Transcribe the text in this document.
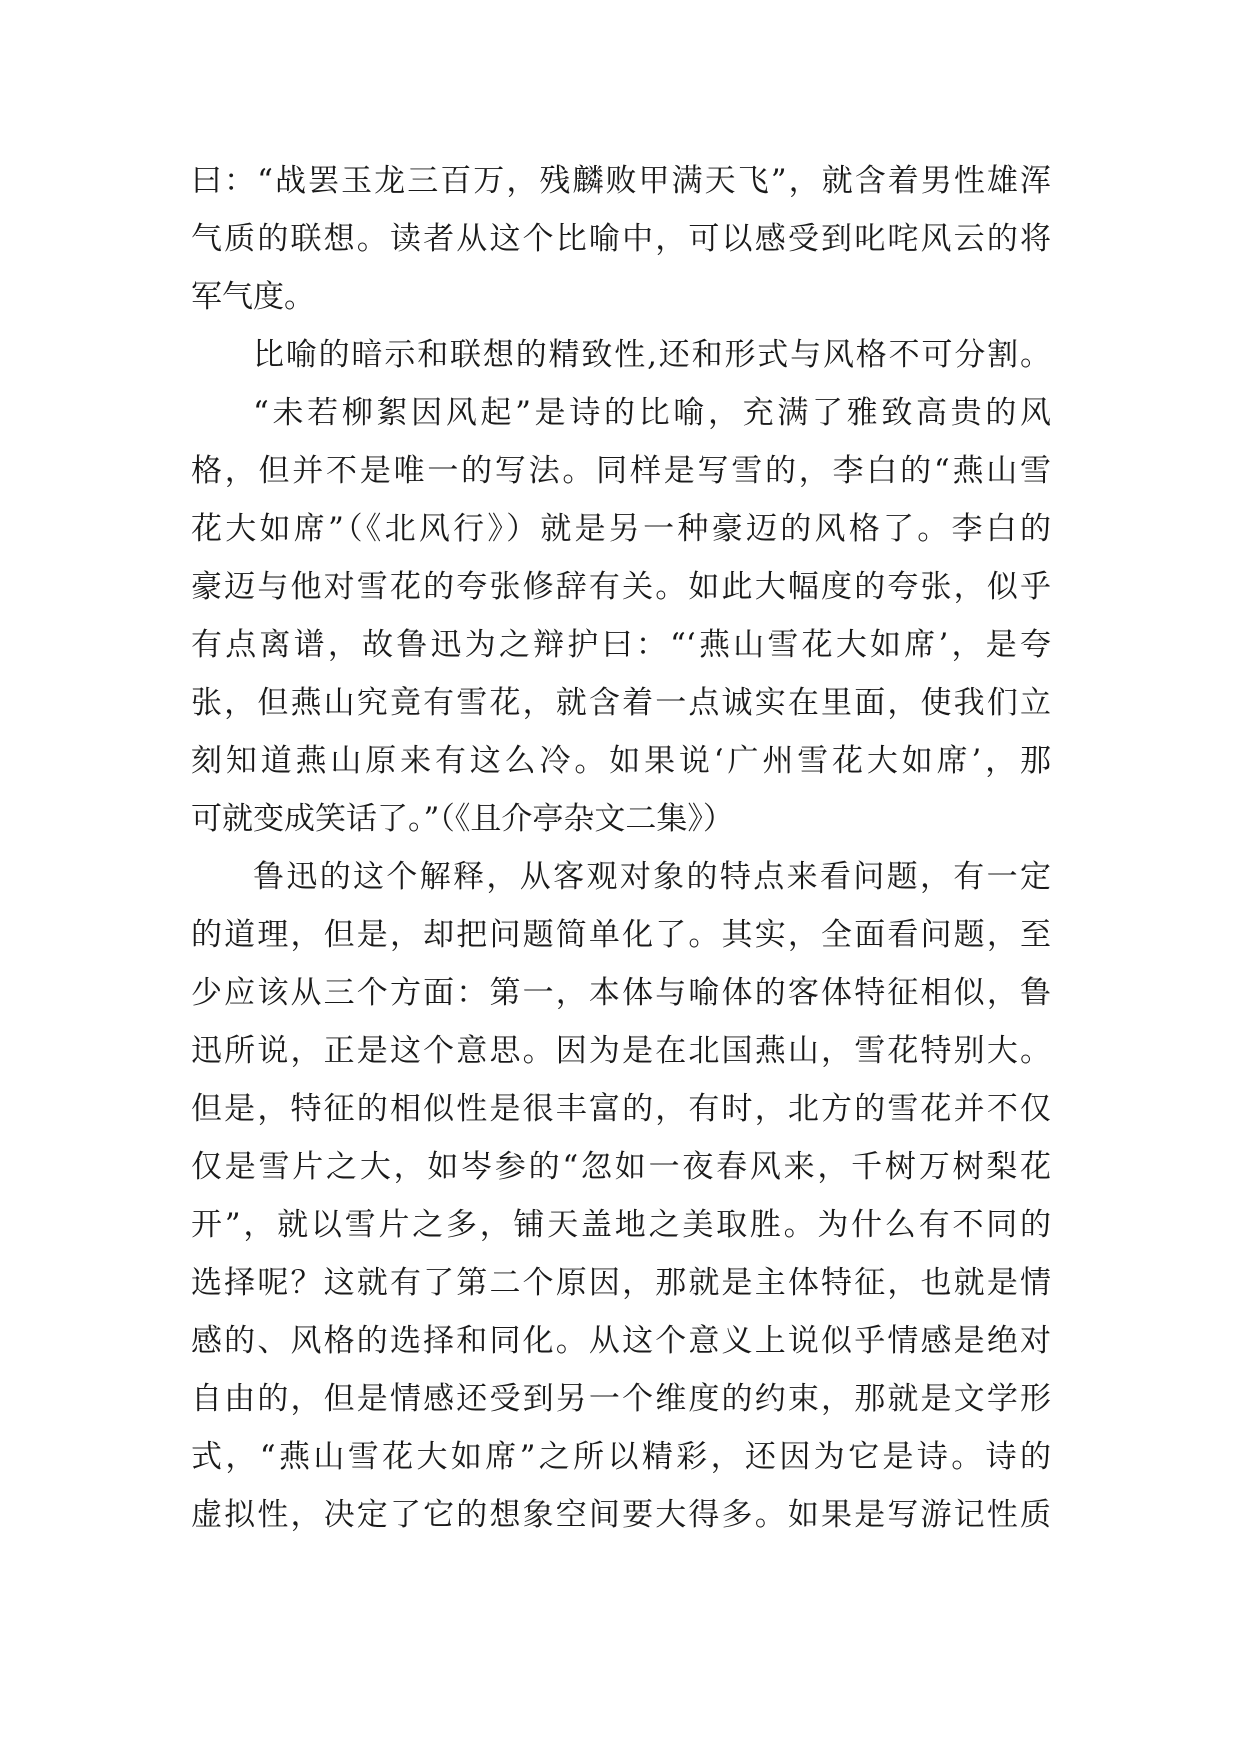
曰：“战罢玉龙三百万，残麟败甲满天飞”，就含着男性雄浑
气质的联想。读者从这个比喻中，可以感受到叱咤风云的将
军气度。
比喻的暗示和联想的精致性,还和形式与风格不可分割。
“未若柳絮因风起”是诗的比喻，充满了雅致高贵的风
格，但并不是唯一的写法。同样是写雪的，李白的“燕山雪
花大如席”（《北风行》）就是另一种豪迈的风格了。李白的
豪迈与他对雪花的夸张修辞有关。如此大幅度的夸张，似乎
有点离谱，故鲁迅为之辩护曰：“‘燕山雪花大如席’，是夸
张，但燕山究竟有雪花，就含着一点诚实在里面，使我们立
刻知道燕山原来有这么冷。如果说‘广州雪花大如席’，那
可就变成笑话了。”（《且介亭杂文二集》）
鲁迅的这个解释，从客观对象的特点来看问题，有一定
的道理，但是，却把问题简单化了。其实，全面看问题，至
少应该从三个方面：第一，本体与喻体的客体特征相似，鲁
迅所说，正是这个意思。因为是在北国燕山，雪花特别大。
但是，特征的相似性是很丰富的，有时，北方的雪花并不仅
仅是雪片之大，如岑参的“忽如一夜春风来，千树万树梨花
开”，就以雪片之多，铺天盖地之美取胜。为什么有不同的
选择呢？这就有了第二个原因，那就是主体特征，也就是情
感的、风格的选择和同化。从这个意义上说似乎情感是绝对
自由的，但是情感还受到另一个维度的约束，那就是文学形
式，“燕山雪花大如席”之所以精彩，还因为它是诗。诗的
虚拟性，决定了它的想象空间要大得多。如果是写游记性质
